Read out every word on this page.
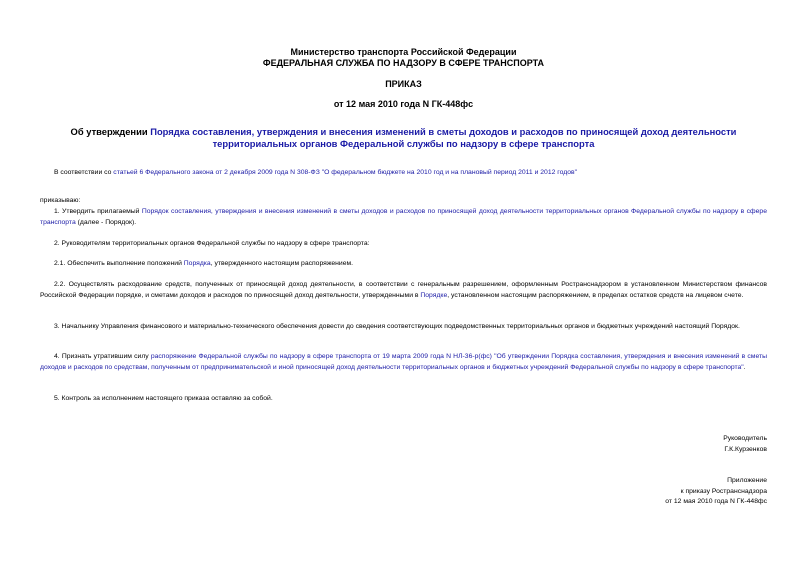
Министерство транспорта Российской Федерации
ФЕДЕРАЛЬНАЯ СЛУЖБА ПО НАДЗОРУ В СФЕРЕ ТРАНСПОРТА
ПРИКАЗ
от 12 мая 2010 года N ГК-448фс
Об утверждении Порядка составления, утверждения и внесения изменений в сметы доходов и расходов по приносящей доход деятельности территориальных органов Федеральной службы по надзору в сфере транспорта
В соответствии со статьей 6 Федерального закона от 2 декабря 2009 года N 308-ФЗ "О федеральном бюджете на 2010 год и на плановый период 2011 и 2012 годов"
приказываю:
1. Утвердить прилагаемый Порядок составления, утверждения и внесения изменений в сметы доходов и расходов по приносящей доход деятельности территориальных органов Федеральной службы по надзору в сфере транспорта (далее - Порядок).
2. Руководителям территориальных органов Федеральной службы по надзору в сфере транспорта:
2.1. Обеспечить выполнение положений Порядка, утвержденного настоящим распоряжением.
2.2. Осуществлять расходование средств, полученных от приносящей доход деятельности, в соответствии с генеральным разрешением, оформленным Ространснадзором в установленном Министерством финансов Российской Федерации порядке, и сметами доходов и расходов по приносящей доход деятельности, утвержденными в Порядке, установленном настоящим распоряжением, в пределах остатков средств на лицевом счете.
3. Начальнику Управления финансового и материально-технического обеспечения довести до сведения соответствующих подведомственных территориальных органов и бюджетных учреждений настоящий Порядок.
4. Признать утратившим силу распоряжение Федеральной службы по надзору в сфере транспорта от 19 марта 2009 года N НЛ-36-р(фс) "Об утверждении Порядка составления, утверждения и внесения изменений в сметы доходов и расходов по средствам, полученным от предпринимательской и иной приносящей доход деятельности территориальных органов и бюджетных учреждений Федеральной службы по надзору в сфере транспорта".
5. Контроль за исполнением настоящего приказа оставляю за собой.
Руководитель
Г.К.Курзенков
Приложение
к приказу Ространснадзора
от 12 мая 2010 года N ГК-448фс
